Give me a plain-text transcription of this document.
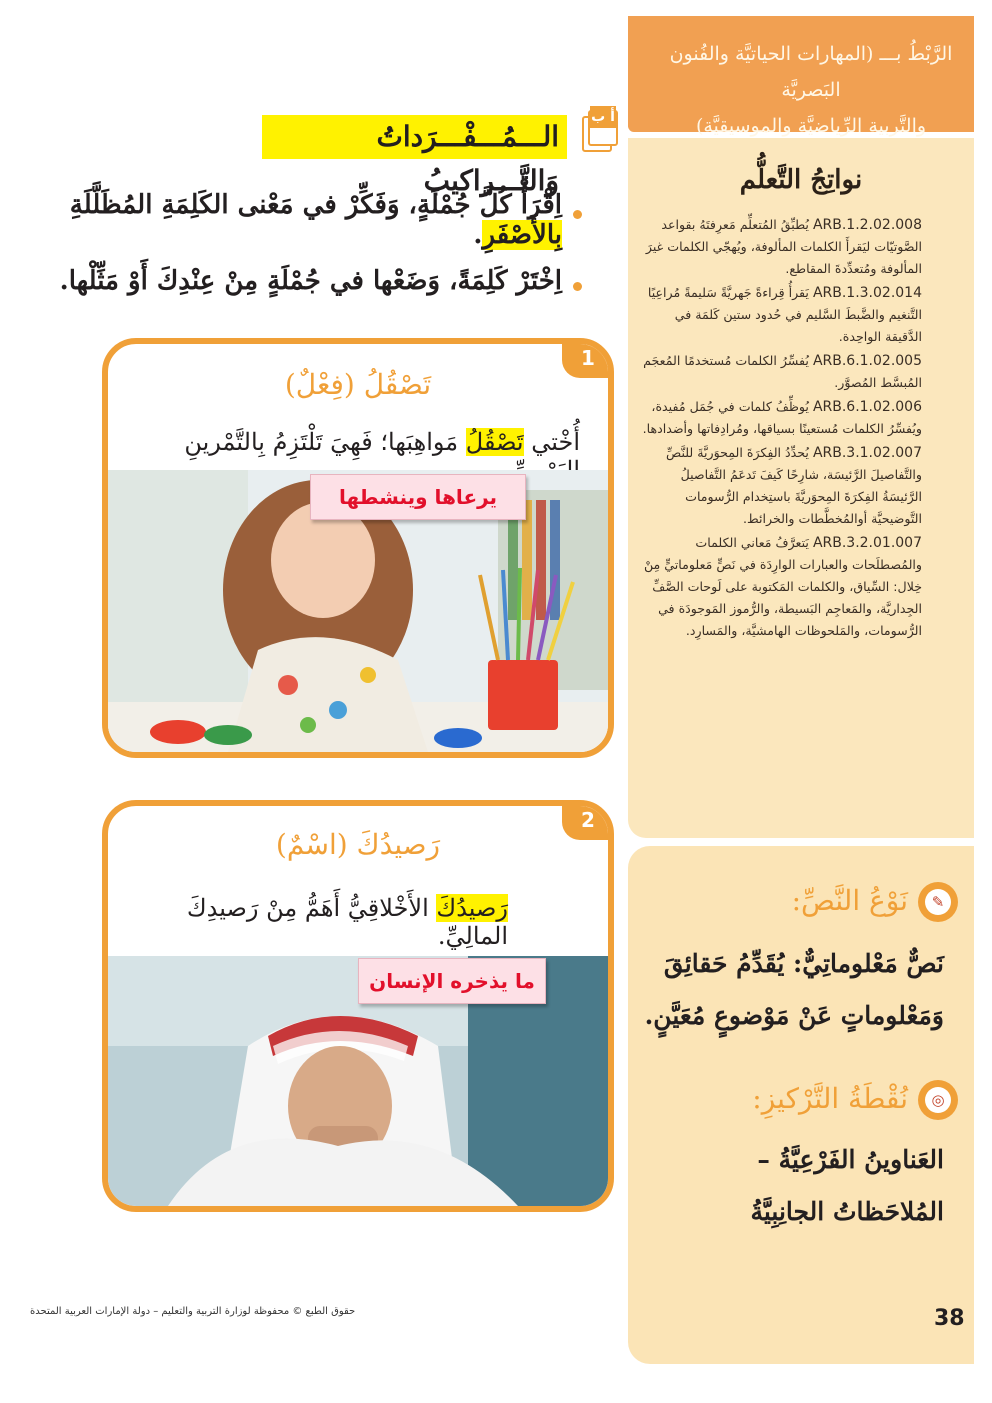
الرَّبْطُ بـــ (المهارات الحياتيَّة والفُنون البَصريَّة
والتَّربية الرِّياضيَّة والموسيقيَّة)
نواتِجُ التَّعلُّم

ARB.1.2.02.008 يُطبِّقُ المُتعلِّم مَعرِفتَهُ بقواعد الصَّوتيّات ليَقرأَ الكلمات المألوفة، ويُهجّي الكلمات غيرَ المألوفة ومُتعدِّدةَ المقاطع.

ARB.1.3.02.014 يَقرأُ قِراءةً جَهريَّةً سَليمةً مُراعِيًا التَّنغيم والضَّبطَ السَّليم في حُدود ستين كَلمَة في الدَّقيقة الواحِدة.

ARB.6.1.02.005 يُفسِّرُ الكلمات مُستخدمًا المُعجَم المُبسَّط المُصوَّر.

ARB.6.1.02.006 يُوظِّفُ كلمات في جُمَل مُفيدة، ويُفسِّرُ الكلمات مُستعينًا بسياقها، ومُرادِفاتها وأضدادها.

ARB.3.1.02.007 يُحدِّدُ الفِكرَةَ المِحوَريَّةَ للنَّصِّ والتَّفاصيلَ الرَّئيسَة، شارِحًا كَيفَ تَدعَمُ التَّفاصيلُ الرَّئيسَةُ الفِكرَةَ المِحوَريَّةَ باستِخدام الرُّسومات التَّوضيحيَّة أوالمُخطَّطات والخرائط.

ARB.3.2.01.007 يَتعرَّفُ مَعاني الكلمات والمُصطلَحات والعبارات الوارِدَة في نَصٍّ مَعلوماتيٍّ مِنْ خِلال: السِّياق، والكلمات المَكتوبة على لَوحات الصَّفِّ الجِداريَّة، والمَعاجِم البَسيطة، والرُّموز المَوجودَة في الرُّسومات، والمَلحوظات الهامشيَّة، والمَسارِد.

✎
نَوْعُ النَّصِّ:
نَصٌّ مَعْلوماتِيٌّ: يُقَدِّمُ حَقائِقَ وَمَعْلوماتٍ عَنْ مَوْضوعٍ مُعَيَّنٍ.
◎
نُقْطَةُ التَّرْكيزِ:
العَناوينُ الفَرْعِيَّةُ – المُلاحَظاتُ الجانِبِيَّةُ
أ ب
الـــمُـــفْـــرَداتُ وَالتَّـــراكيبُ
اِقْرَأْ كُلَّ جُمْلَةٍ، وَفَكِّرْ في مَعْنى الكَلِمَةِ المُظَلَّلَةِ بِالأَصْفَرِ.
اِخْتَرْ كَلِمَةً، وَضَعْها في جُمْلَةٍ مِنْ عِنْدِكَ أَوْ مَثِّلْها.
تَصْقُلُ (فِعْلٌ)
أُخْتي تَصْقُلُ مَواهِبَها؛ فَهِيَ تَلْتَزِمُ بِالتَّمْرينِ
1
يرعاها وينشطها
رَصيدُكَ (اسْمٌ)
رَصيدُكَ الأَخْلاقِيُّ أَهَمُّ مِنْ رَصيدِكَ المالِيِّ.
2
ما يذخره الإنسان
حقوق الطبع © محفوظة لوزارة التربية والتعليم – دولة الإمارات العربية المتحدة	38
